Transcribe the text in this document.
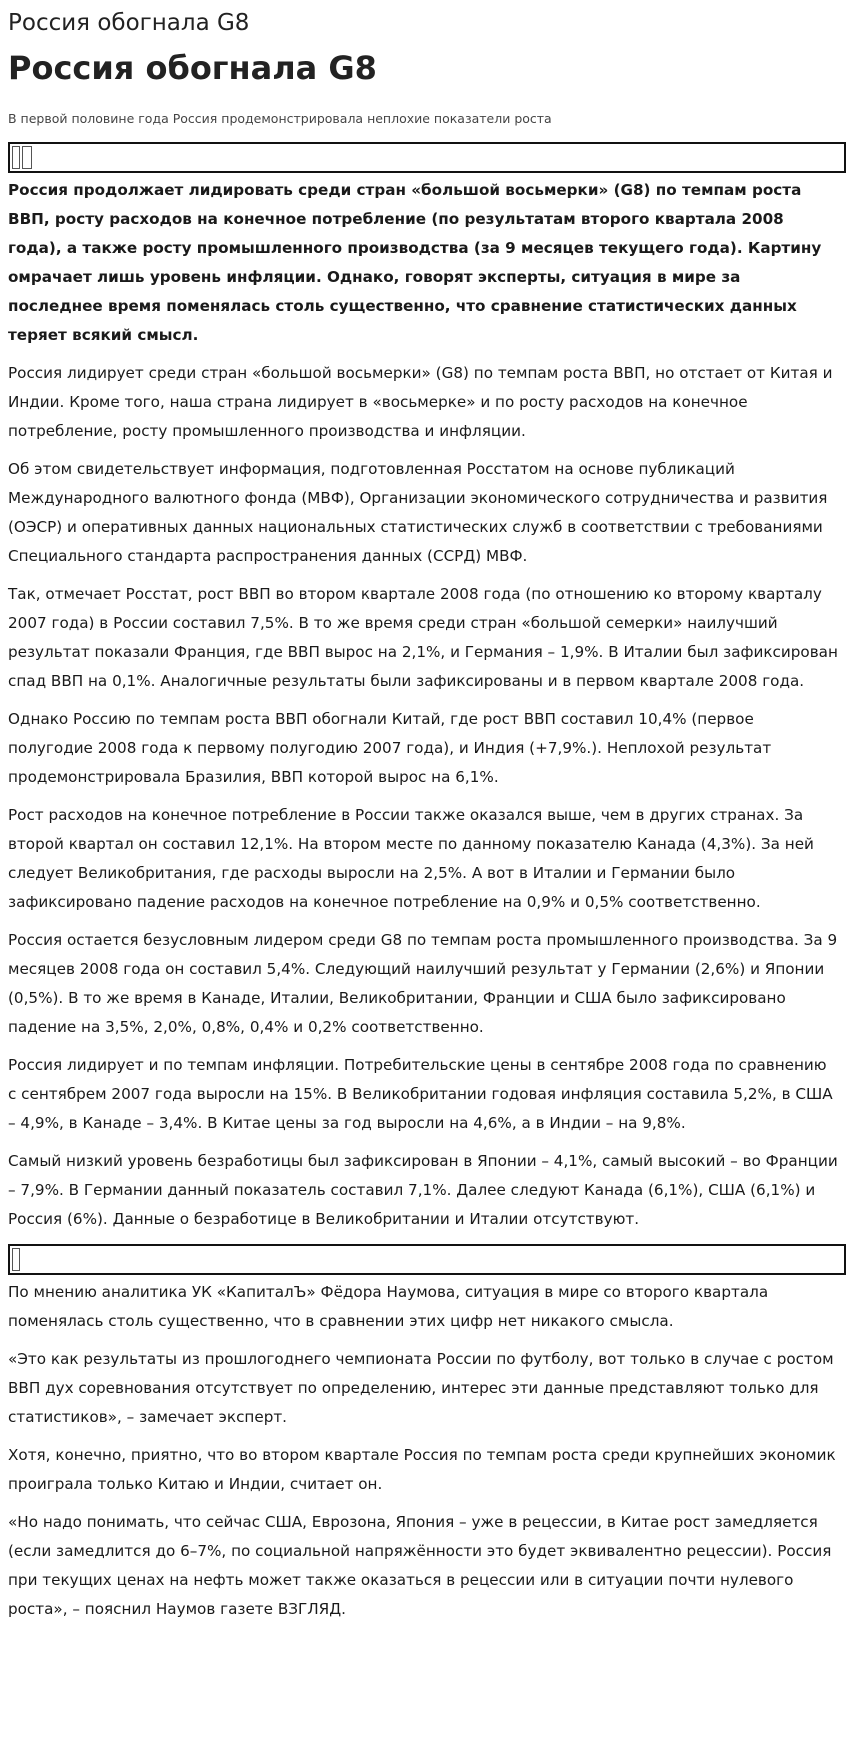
Россия обогнала G8
Россия обогнала G8

В первой половине года Россия продемонстрировала неплохие показатели роста

Россия продолжает лидировать среди стран «большой восьмерки» (G8) по темпам роста ВВП, росту расходов на конечное потребление (по результатам второго квартала 2008 года), а также росту промышленного производства (за 9 месяцев текущего года). Картину омрачает лишь уровень инфляции. Однако, говорят эксперты, ситуация в мире за последнее время поменялась столь существенно, что сравнение статистических данных теряет всякий смысл.

Россия лидирует среди стран «большой восьмерки» (G8) по темпам роста ВВП, но отстает от Китая и Индии. Кроме того, наша страна лидирует в «восьмерке» и по росту расходов на конечное потребление, росту промышленного производства и инфляции.

Об этом свидетельствует информация, подготовленная Росстатом на основе публикаций Международного валютного фонда (МВФ), Организации экономического сотрудничества и развития (ОЭСР) и оперативных данных национальных статистических служб в соответствии с требованиями Специального стандарта распространения данных (ССРД) МВФ.

Так, отмечает Росстат, рост ВВП во втором квартале 2008 года (по отношению ко второму кварталу 2007 года) в России составил 7,5%. В то же время среди стран «большой семерки» наилучший результат показали Франция, где ВВП вырос на 2,1%, и Германия – 1,9%. В Италии был зафиксирован спад ВВП на 0,1%. Аналогичные результаты были зафиксированы и в первом квартале 2008 года.

Однако Россию по темпам роста ВВП обогнали Китай, где рост ВВП составил 10,4% (первое полугодие 2008 года к первому полугодию 2007 года), и Индия (+7,9%.). Неплохой результат продемонстрировала Бразилия, ВВП которой вырос на 6,1%.

Рост расходов на конечное потребление в России также оказался выше, чем в других странах. За второй квартал он составил 12,1%. На втором месте по данному показателю Канада (4,3%). За ней следует Великобритания, где расходы выросли на 2,5%. А вот в Италии и Германии было зафиксировано падение расходов на конечное потребление на 0,9% и 0,5% соответственно.

Россия остается безусловным лидером среди G8 по темпам роста промышленного производства. За 9 месяцев 2008 года он составил 5,4%. Следующий наилучший результат у Германии (2,6%) и Японии (0,5%). В то же время в Канаде, Италии, Великобритании, Франции и США было зафиксировано падение на 3,5%, 2,0%, 0,8%, 0,4% и 0,2% соответственно.

Россия лидирует и по темпам инфляции. Потребительские цены в сентябре 2008 года по сравнению с сентябрем 2007 года выросли на 15%. В Великобритании годовая инфляция составила 5,2%, в США – 4,9%, в Канаде – 3,4%. В Китае цены за год выросли на 4,6%, а в Индии – на 9,8%.

Самый низкий уровень безработицы был зафиксирован в Японии – 4,1%, самый высокий – во Франции – 7,9%. В Германии данный показатель составил 7,1%. Далее следуют Канада (6,1%), США (6,1%) и Россия (6%). Данные о безработице в Великобритании и Италии отсутствуют.

По мнению аналитика УК «КапиталЪ» Фёдора Наумова, ситуация в мире со второго квартала поменялась столь существенно, что в сравнении этих цифр нет никакого смысла.

«Это как результаты из прошлогоднего чемпионата России по футболу, вот только в случае с ростом ВВП дух соревнования отсутствует по определению, интерес эти данные представляют только для статистиков», – замечает эксперт.

Хотя, конечно, приятно, что во втором квартале Россия по темпам роста среди крупнейших экономик проиграла только Китаю и Индии, считает он.

«Но надо понимать, что сейчас США, Еврозона, Япония – уже в рецессии, в Китае рост замедляется (если замедлится до 6–7%, по социальной напряжённости это будет эквивалентно рецессии). Россия при текущих ценах на нефть может также оказаться в рецессии или в ситуации почти нулевого роста», – пояснил Наумов газете ВЗГЛЯД.
